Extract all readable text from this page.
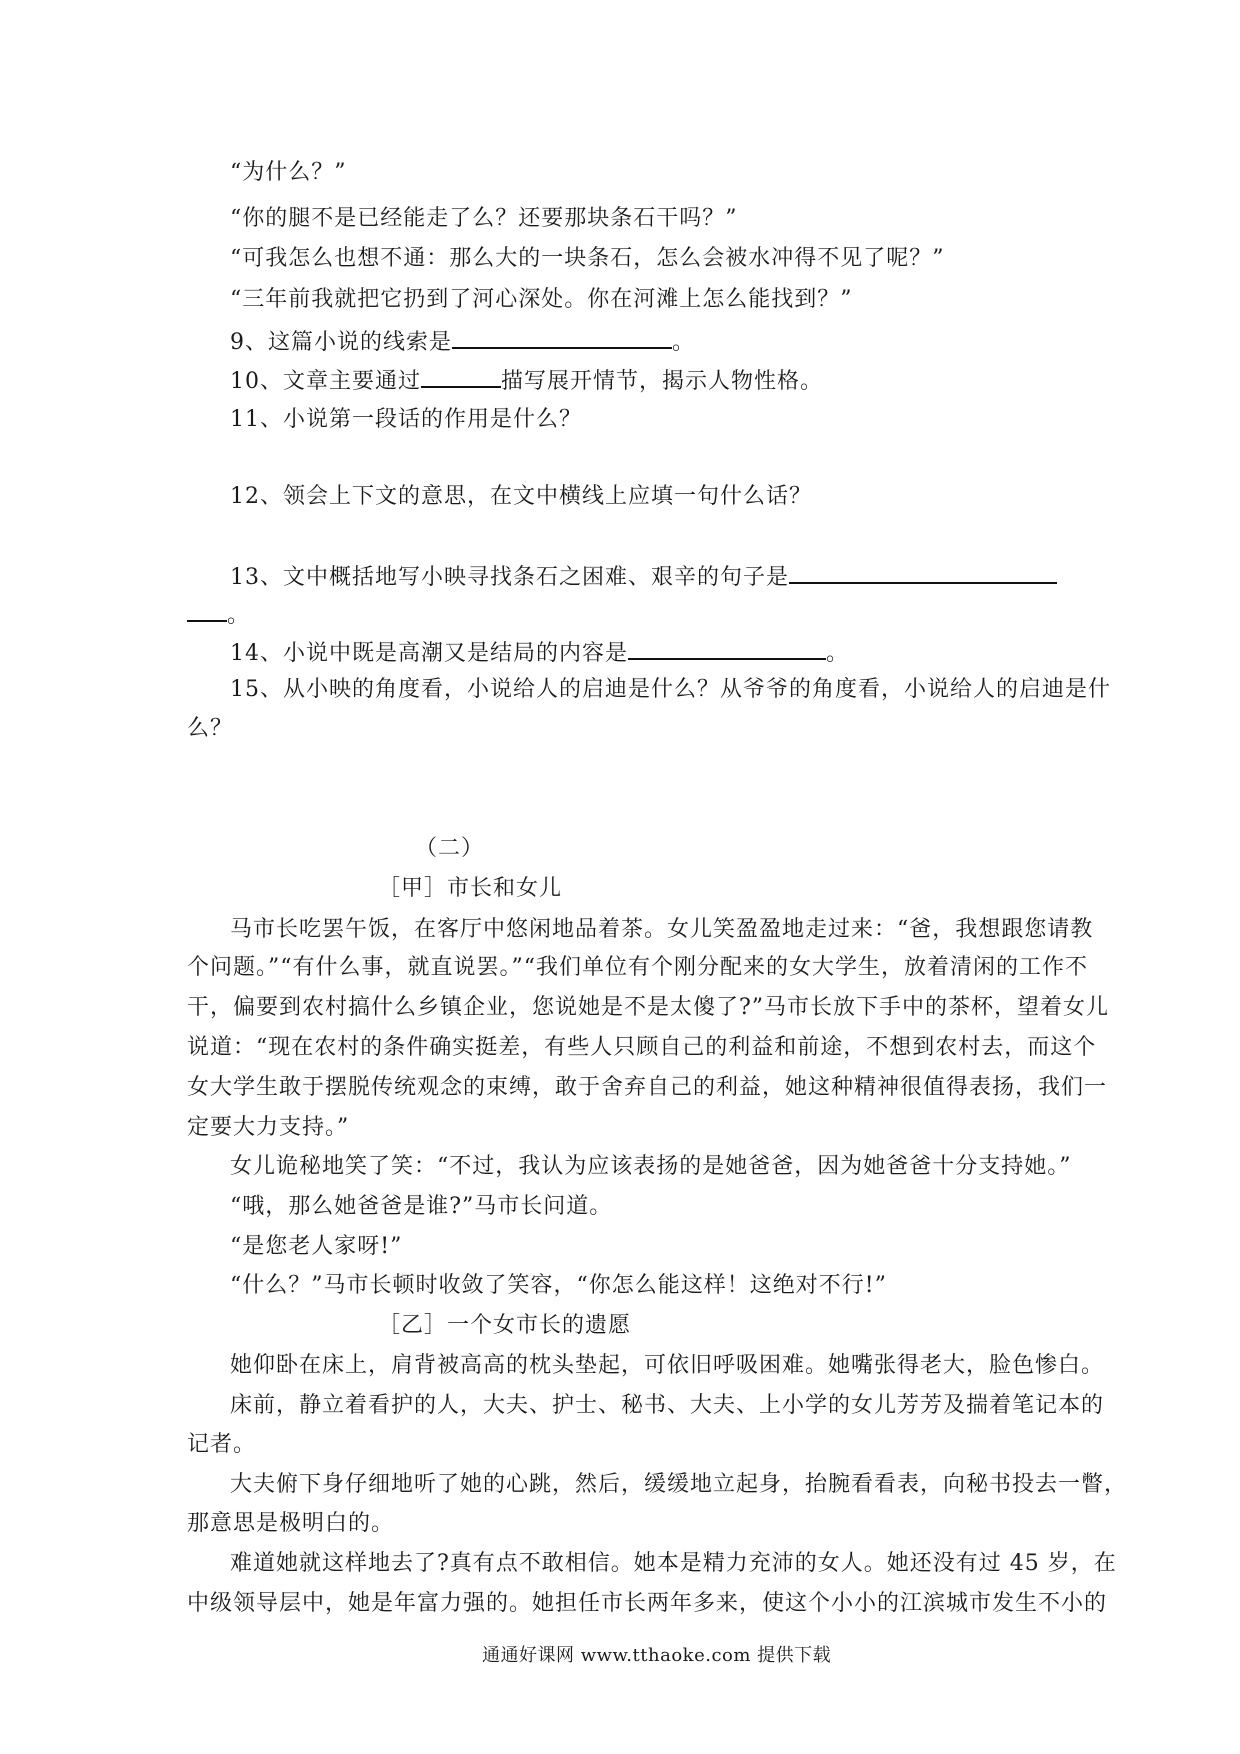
“为什么？”
“你的腿不是已经能走了么？还要那块条石干吗？”
“可我怎么也想不通：那么大的一块条石，怎么会被水冲得不见了呢？”
“三年前我就把它扔到了河心深处。你在河滩上怎么能找到？”
9、这篇小说的线索是	。
10、文章主要通过	描写展开情节，揭示人物性格。
11、小说第一段话的作用是什么？
12、领会上下文的意思，在文中横线上应填一句什么话？
13、文中概括地写小映寻找条石之困难、艰辛的句子是
。
14、小说中既是高潮又是结局的内容是	。
15、从小映的角度看，小说给人的启迪是什么？从爷爷的角度看，小说给人的启迪是什
么？
（二）
［甲］市长和女儿
马市长吃罢午饭，在客厅中悠闲地品着茶。女儿笑盈盈地走过来：“爸，我想跟您请教
个问题。”“有什么事，就直说罢。”“我们单位有个刚分配来的女大学生，放着清闲的工作不
干，偏要到农村搞什么乡镇企业，您说她是不是太傻了?”马市长放下手中的茶杯，望着女儿
说道：“现在农村的条件确实挺差，有些人只顾自己的利益和前途，不想到农村去，而这个
女大学生敢于摆脱传统观念的束缚，敢于舍弃自己的利益，她这种精神很值得表扬，我们一
定要大力支持。”
女儿诡秘地笑了笑：“不过，我认为应该表扬的是她爸爸，因为她爸爸十分支持她。”
“哦，那么她爸爸是谁?”马市长问道。
“是您老人家呀!”
“什么？”马市长顿时收敛了笑容，“你怎么能这样！这绝对不行!”
［乙］一个女市长的遗愿
她仰卧在床上，肩背被高高的枕头垫起，可依旧呼吸困难。她嘴张得老大，脸色惨白。
床前，静立着看护的人，大夫、护士、秘书、大夫、上小学的女儿芳芳及揣着笔记本的
记者。
大夫俯下身仔细地听了她的心跳，然后，缓缓地立起身，抬腕看看表，向秘书投去一瞥，
那意思是极明白的。
难道她就这样地去了?真有点不敢相信。她本是精力充沛的女人。她还没有过 45 岁，在
中级领导层中，她是年富力强的。她担任市长两年多来，使这个小小的江滨城市发生不小的
通通好课网 www.tthaoke.com 提供下载
